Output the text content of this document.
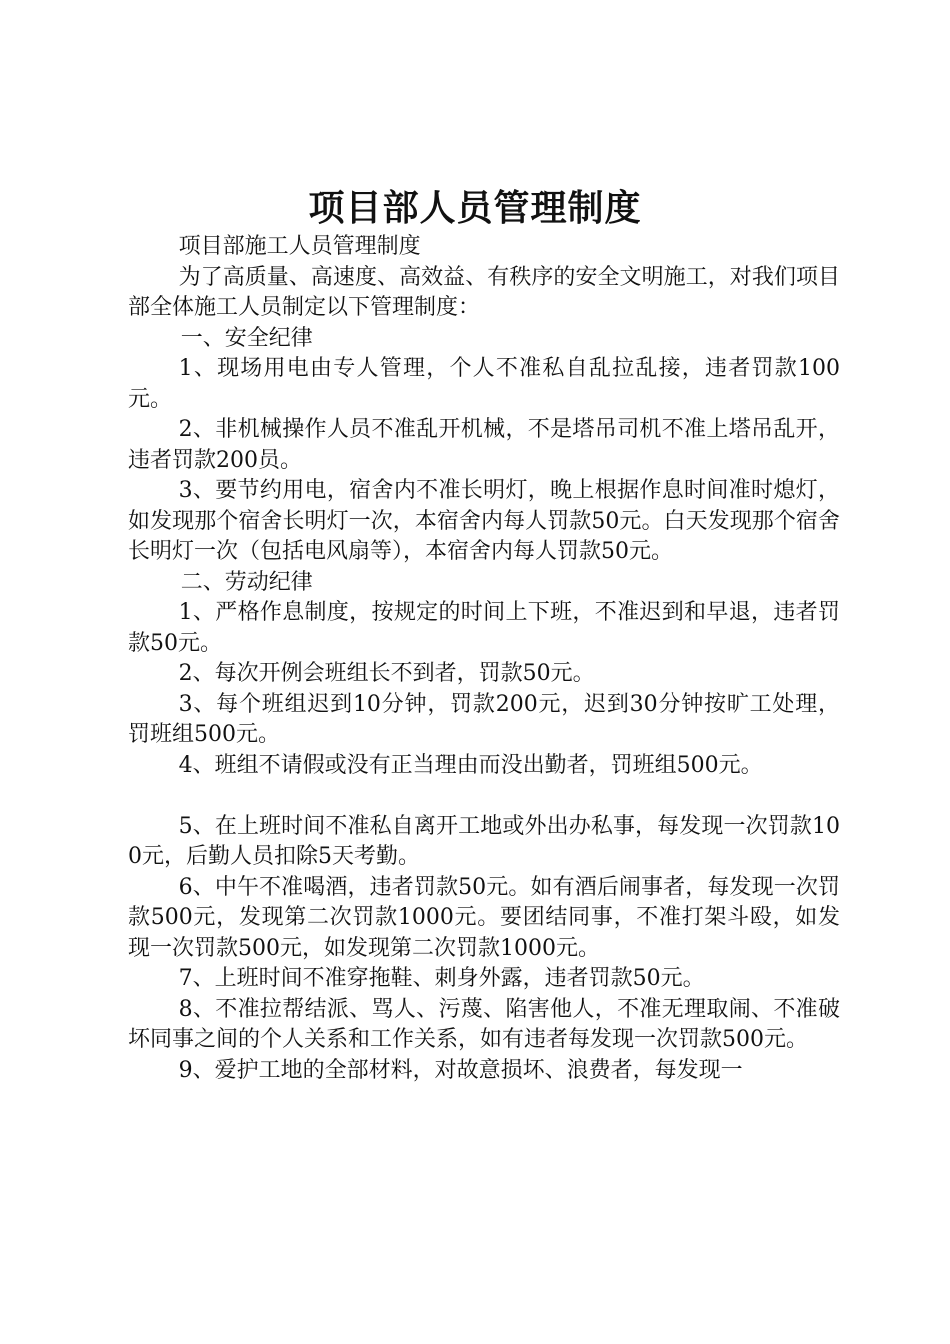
项目部人员管理制度

项目部施工人员管理制度

为了高质量、高速度、高效益、有秩序的安全文明施工，对我们项目部全体施工人员制定以下管理制度：

一、安全纪律

1、现场用电由专人管理，个人不准私自乱拉乱接，违者罚款100元。

2、非机械操作人员不准乱开机械，不是塔吊司机不准上塔吊乱开，违者罚款200员。

3、要节约用电，宿舍内不准长明灯，晚上根据作息时间准时熄灯，如发现那个宿舍长明灯一次，本宿舍内每人罚款50元。白天发现那个宿舍长明灯一次（包括电风扇等），本宿舍内每人罚款50元。

二、劳动纪律

1、严格作息制度，按规定的时间上下班，不准迟到和早退，违者罚款50元。

2、每次开例会班组长不到者，罚款50元。

3、每个班组迟到10分钟，罚款200元，迟到30分钟按旷工处理，罚班组500元。

4、班组不请假或没有正当理由而没出勤者，罚班组500元。

5、在上班时间不准私自离开工地或外出办私事，每发现一次罚款100元，后勤人员扣除5天考勤。

6、中午不准喝酒，违者罚款50元。如有酒后闹事者，每发现一次罚款500元，发现第二次罚款1000元。要团结同事，不准打架斗殴，如发现一次罚款500元，如发现第二次罚款1000元。

7、上班时间不准穿拖鞋、刺身外露，违者罚款50元。

8、不准拉帮结派、骂人、污蔑、陷害他人，不准无理取闹、不准破坏同事之间的个人关系和工作关系，如有违者每发现一次罚款500元。

9、爱护工地的全部材料，对故意损坏、浪费者，每发现一
